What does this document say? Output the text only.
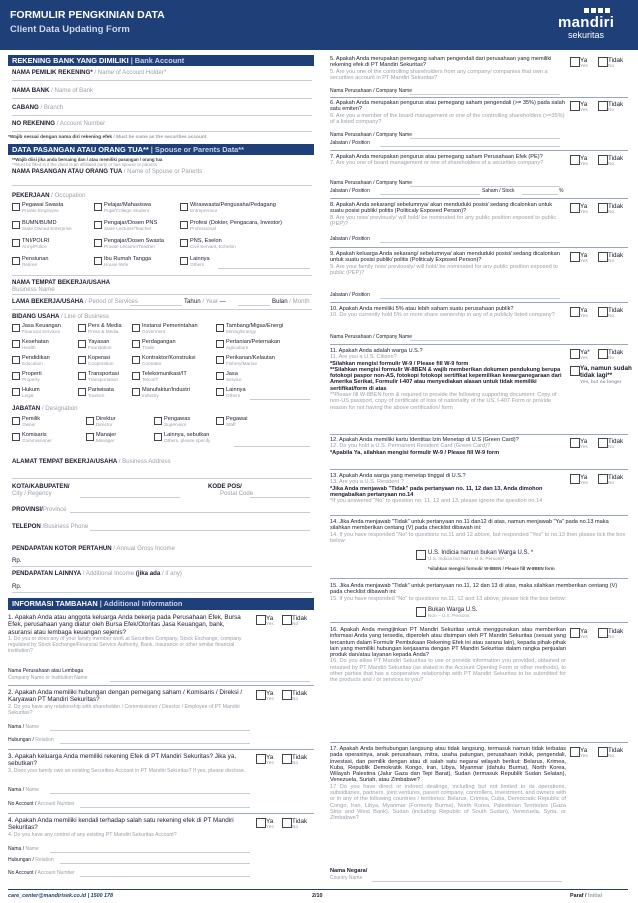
FORMULIR PENGKINIAN DATA
Client Data Updating Form	mandiri
sekuritas
REKENING BANK YANG DIMILIKI | Bank Account
NAMA PEMILIK REKENING* / Name of Account Holder*
NAMA BANK / Name of Bank
CABANG / Branch
NO REKENING / Account Number
*Wajib sesuai dengan nama diri rekening efek / Must be same as the securities account
DATA PASANGAN ATAU ORANG TUA** | Spouse or Parents Data**
**Wajib diisi jika anda bersaing dan / atau memiliki pasangan / orang tua
**Must be filled in if the client is an affiliated party or has spouse or parents
NAMA PASANGAN ATAU ORANG TUA / Name of Spouse or Parents
PEKERJAAN / Occupation
Pegawai Swasta
Private Employee
Pelajar/Mahasiswa
Pupil/College Student
Wiraswasta/Pengusaha/Pedagang
Entrepreneur
BUMN/BUMD
State Owned Enterprise
Pengajar/Dosen PNS
State Lecturer/Teacher
Profesi (Dokter, Pengacara, Investor)
Professional
TNI/POLRI
Army/Police
Pengajar/Dosen Swasta
Private Lecturer/Teacher
PNS, Eselon
Civil Servant, Echelon
Pensiunan
Retiree
Ibu Rumah Tangga
House Wife
Lainnya
Others
NAMA TEMPAT BEKERJA/USAHA
Business Name
LAMA BEKERJA/USAHA / Period of Services	Tahun / Year —	Bulan / Month
BIDANG USAHA / Line of Business
Jasa Keuangan
Financial Services
Pers & Media
Press & Media
Instansi Pemerintahan
Goverment
Tambang/Migas/Energi
Mining/Energy
Kesehatan
Health
Yayasan
Foundation
Perdagangan
Trade
Pertanian/Peternakan
Agriculture
Pendidikan
Education
Koperasi
Cooperation
Kontraktor/Konstruksi
Contrator
Perikanan/Kelautan
Fishery/Marine
Properti
Property
Transportasi
Transportation
Telekomunikasi/IT
Telco/IT
Jasa
Service
Hukum
Legal
Pariwisata
Tourism
Manufaktur/Industri
Industry
Lainnya
Others
JABATAN / Designation
Pemilik
Owner
Direktur
Director
Pengawas
Supervisor
Pegawai
Staff
Komisaris
Commissioner
Manajer
Manager
Lainnya, sebutkan
Others, please specify
ALAMAT TEMPAT BEKERJA/USAHA / Business Address
KOTA/KABUPATEN/
City / Regency
KODE POS/
Postal Code
PROVINSI/Province
TELEPON /Business Phone
PENDAPATAN KOTOR PERTAHUN / Annual Gross Income
Rp.
PENDAPATAN LAINNYA / Additional Income (jika ada / if any)
Rp.
INFORMASI TAMBAHAN | Additional Information
1. Apakah Anda atau anggota keluarga Anda bekerja pada Perusahaan Efek, Bursa Efek, perusahaan yang diatur oleh Bursa Efek/Otoritas Jasa Keuangan, bank, asuransi atau lembaga keuangan sejenis?
1. Do you or does any of your family member work at Securities Company, Stock Exchange, company regulated by Stock Exchange/Financial Service Authority, Bank, Insurance or other similar financial institution?
Ya
Yes
Tidak
No
Nama Perusahaan atau Lembaga
Company Name or Institution Name
2. Apakah Anda memiliki hubungan dengan pemegang saham / Komisaris / Direksi / Karyawan PT Mandiri Sekuritas?
2. Do you have any relationship with shareholder / Commissioner / Director / Employee of PT Mandiri Sekuritas?
Ya
Yes
Tidak
No
Nama / Name
Hubungan / Relation
3. Apakah keluarga Anda memiliki rekening Efek di PT Mandiri Sekuritas? Jika ya, sebutkan?
3. Does your family own an existing Securities Account in PT Mandiri Sekuritas? If yes, please disclose.
Ya
Yes
Tidak
No
Nama / Name
No Account / Account Number
4. Apakah Anda memiliki kendali terhadap salah satu rekening efek di PT Mandiri Sekuritas?
4. Do you have any control of any existing PT Mandiri Sekuritas Account?
Ya
Yes
Tidak
No
Nama / Name
Hubungan / Relation
No Account / Account Number
5. Apakah Anda merupakan pemegang saham pengendali dari perusahaan yang memiliki rekening efek di PT Mandiri Sekuritas?
5. Are you one of the controlling shareholders from any company/ companies that own a securities account in PT Mandiri Sekuritas?
Ya
Yes
Tidak
No
Nama Perusahaan / Company Name
6. Apakah Anda merupakan pengurus atau pemegang saham pengendali (>= 35%) pada salah satu emiten?
6. Are you a member of the board management or one of the controlling shareholders (>=35%) of a listed company?
Ya
Yes
Tidak
No
Nama Perusahaan / Company Name
Jabatan / Position
7. Apakah Anda merupakan pengurus atau pemegang saham Perusahaan Efek (PE)?
7. Are you one of board management or one of shareholders of a securities company?
Ya
Yes
Tidak
No
Nama Perusahaan / Company Name
Jabatan / Position	Saham / Stock	%
8. Apakah Anda sekarang/ sebelumnya/ akan menduduki posisi/ sedang dicalonkan untuk suatu posisi publik/ politis (Politicaly Exposed Person)?
8. Are you now/ previously/ will hold/ be nominated for any public position exposed to public (PEP)?
Ya
Yes
Tidak
No
Jabatan / Position
9. Apakah keluarga Anda sekarang/ sebelumnya/ akan menduduki posisi/ sedang dicalonkan untuk suatu posisi publik/ politis (Politicaly Exposed Person)?
9. Are your family now/ previously/ will hold/ be nominated for any public position exposed to public (PEP)?
Ya
Yes
Tidak
No
Jabatan / Position
10. Apakah Anda memiliki 5% atau lebih saham suatu perusahaan publik?
10. Do you currently hold 5% or more share ownership in any of a publicly listed company?
Ya
Yes
Tidak
No
Nama Perusahaan / Company Name
11. Apakah Anda adalah warga U.S.?
11. Are you a U.S. Citizen?
*Silahkan mengisi formulir W-9 / Please fill W-9 form
**Silahkan mengisi formulir W-8BEN & wajib memberikan dokumen pendukung berupa fotokopi paspor non-AS, fotokopi fotokopi sertifikat kepemilikan kewarganegaraan dari Amerika Serikat, Formulir I-407 atau menyediakan alasan untuk tidak memiliki sertifikat/form di atas
**Please fill W-8BEN form & required to provide the following supporting document: Copy of non-US passport, copy of certificate of loss of nationality of the US, I-407 Form or provide reason for not having the above certification/ form
Ya*
Yes
Tidak
No
Ya, namun sudah tidak lagi**
Yes, but no longer
12. Apakah Anda memiliki kartu Identitas Izin Menetap di U.S (Green Card)?
12. Do you hold a U.S. Permanent Resident Card (Green Card)?
*Apabila Ya, silahkan mengisi formulir W-9 / Please fill W-9 form
Ya
Yes
Tidak
No
13. Apakah Anda warga yang menetap tinggal di U.S.?
13. Are you a U.S. Resident ?
*Jika Anda menjawab "Tidak" pada pertanyaan no. 11, 12 dan 13, Anda dimohon mengabaikan pertanyaan no.14
*If you answered "No" to question no. 11, 12 and 13, please ignore the question no.14
Ya
Yes
Tidak
No
14. Jika Anda menjawab "Tidak" untuk pertanyaan no.11 dan12 di atas, namun menjawab "Ya" pada no.13 maka silahkan memberikan centang (V) pada checklist dibawah ini:
14. If you have responded "No" to questions no.11 and 12 above, but responded "Yes" to no.13 then please tick the box below:
U.S. Indicia namun bukan Warga U.S. *
U.S. Indicia but Non – U.S. Persons*
*silahkan mengisi formulir W-8BEN / Please fill W-8BEN form
15. Jika Anda menjawab "Tidak" untuk pertanyaan no.11, 12 dan 13 di atas, maka silahkan memberikan centang (V) pada checklist dibawah ini:
15. If you have responded "No" to questions no.11, 12 and 13 above, please tick the box below:
Bukan Warga U.S.
Non – U.S. Persons
16. Apakah Anda mengijinkan PT Mandiri Sekuritas untuk menggunakan atau memberikan informasi Anda yang tersedia, diperoleh atau disimpan oleh PT Mandiri Sekuritas (sesuai yang tercantum dalam Formulir Pembukaan Rekening Efek ini atau sarana lain), kepada pihak-pihak lain yang memiliki hubungan kerjasama dengan PT Mandiri Sekuritas dalam rangka penjualan produk dan/atau layanan kepada Anda?
16. Do you allow PT Mandiri Sekuritas to use or provide information you provided, obtained or retained by PT Mandiri Sekuritas (as stated in the Account Opening Form or other methods), to other parties that has a cooperative relationship with PT Mandiri Sekuritas to be submitted for the products and / or services to you?
Ya
Yes
Tidak
No
17. Apakah Anda berhubungan langsung atau tidak langsung, termasuk namun tidak terbatas pada operasinya, anak perusahaan, mitra, usaha patungan, perusahaan induk, pengendali, investasi, dan pemilik dengan atau di salah satu negara/ wilayah berikut: Belarus, Krimea, Kuba, Republik Demokratik Kongo, Iran, Libya, Myanmar (dahulu Burma), North Korea, Wilayah Palestina (Jalur Gaza dan Tepi Barat), Sudan (termasuk Republik Sudan Selatan), Venezuela, Suriah, atau Zimbabwe?
17 Do you have direct or indirect dealings, including but not limited to its operations, subsidiaries, partners, joint ventures, parent company, controllers, investment, and owners with or in any of the following countries / territories: Belarus, Crimea, Cuba, Democratic Republic of Congo, Iran, Libya, Myanmar (Formerly Burma), North Korea, Palestinian Territories (Gaza Strip and West Bank), Sudan (including Republic of South Sudan), Venezuela, Syria, or Zimbabwe?
Ya
Yes
Tidak
No
Nama Negara/
Country Name
care_center@mandirisek.co.id | 1500 178	2/10	Paraf / Initial
